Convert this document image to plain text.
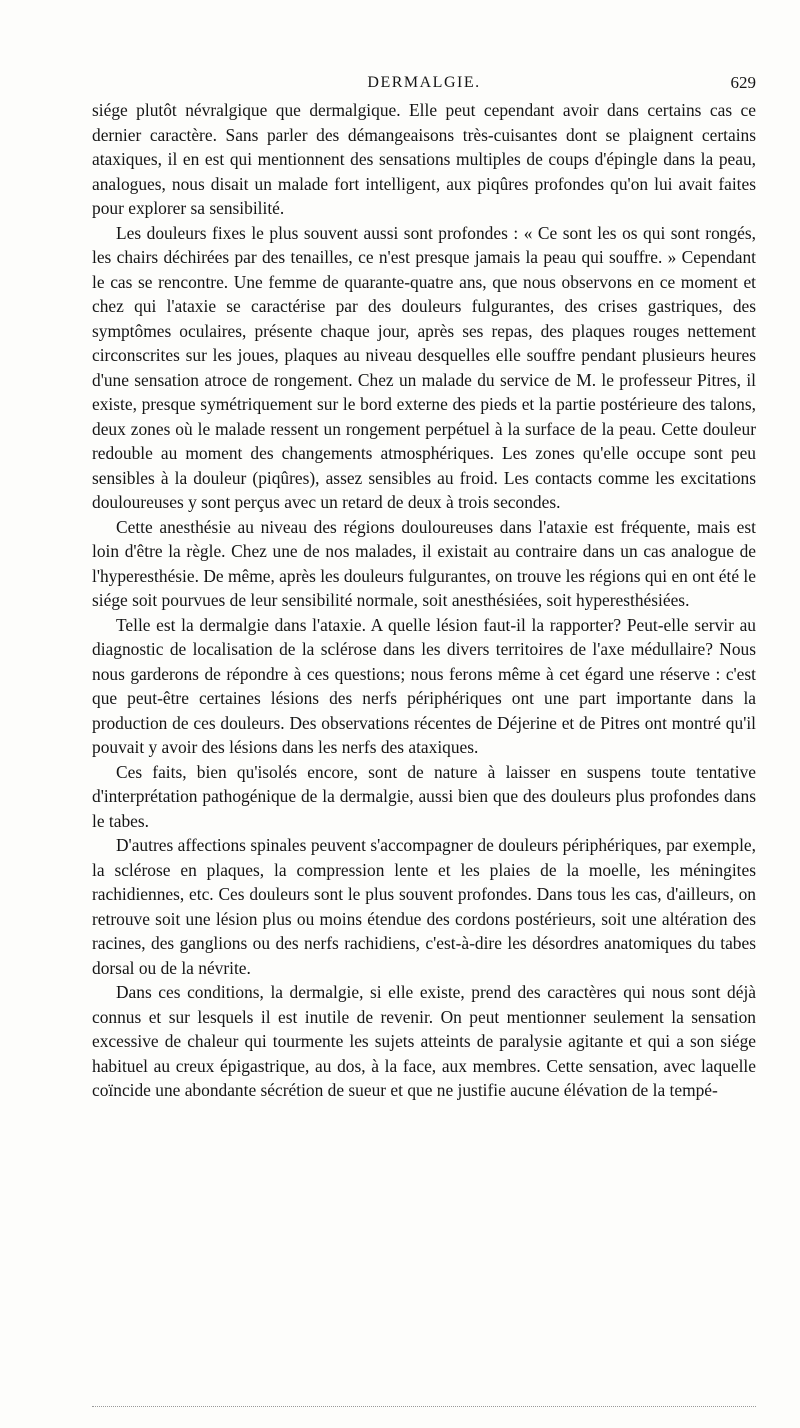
DERMALGIE.	629

siége plutôt névralgique que dermalgique. Elle peut cependant avoir dans certains cas ce dernier caractère. Sans parler des démangeaisons très-cuisantes dont se plaignent certains ataxiques, il en est qui mentionnent des sensations multiples de coups d'épingle dans la peau, analogues, nous disait un malade fort intelligent, aux piqûres profondes qu'on lui avait faites pour explorer sa sensibilité.

Les douleurs fixes le plus souvent aussi sont profondes : « Ce sont les os qui sont rongés, les chairs déchirées par des tenailles, ce n'est presque jamais la peau qui souffre. » Cependant le cas se rencontre. Une femme de quarante-quatre ans, que nous observons en ce moment et chez qui l'ataxie se caractérise par des douleurs fulgurantes, des crises gastriques, des symptômes oculaires, présente chaque jour, après ses repas, des plaques rouges nettement circonscrites sur les joues, plaques au niveau desquelles elle souffre pendant plusieurs heures d'une sensation atroce de rongement. Chez un malade du service de M. le professeur Pitres, il existe, presque symétriquement sur le bord externe des pieds et la partie postérieure des talons, deux zones où le malade ressent un rongement perpétuel à la surface de la peau. Cette douleur redouble au moment des changements atmosphériques. Les zones qu'elle occupe sont peu sensibles à la douleur (piqûres), assez sensibles au froid. Les contacts comme les excitations douloureuses y sont perçus avec un retard de deux à trois secondes.

Cette anesthésie au niveau des régions douloureuses dans l'ataxie est fréquente, mais est loin d'être la règle. Chez une de nos malades, il existait au contraire dans un cas analogue de l'hyperesthésie. De même, après les douleurs fulgurantes, on trouve les régions qui en ont été le siége soit pourvues de leur sensibilité normale, soit anesthésiées, soit hyperesthésiées.

Telle est la dermalgie dans l'ataxie. A quelle lésion faut-il la rapporter? Peut-elle servir au diagnostic de localisation de la sclérose dans les divers territoires de l'axe médullaire? Nous nous garderons de répondre à ces questions; nous ferons même à cet égard une réserve : c'est que peut-être certaines lésions des nerfs périphériques ont une part importante dans la production de ces douleurs. Des observations récentes de Déjerine et de Pitres ont montré qu'il pouvait y avoir des lésions dans les nerfs des ataxiques.

Ces faits, bien qu'isolés encore, sont de nature à laisser en suspens toute tentative d'interprétation pathogénique de la dermalgie, aussi bien que des douleurs plus profondes dans le tabes.

D'autres affections spinales peuvent s'accompagner de douleurs périphériques, par exemple, la sclérose en plaques, la compression lente et les plaies de la moelle, les méningites rachidiennes, etc. Ces douleurs sont le plus souvent profondes. Dans tous les cas, d'ailleurs, on retrouve soit une lésion plus ou moins étendue des cordons postérieurs, soit une altération des racines, des ganglions ou des nerfs rachidiens, c'est-à-dire les désordres anatomiques du tabes dorsal ou de la névrite.

Dans ces conditions, la dermalgie, si elle existe, prend des caractères qui nous sont déjà connus et sur lesquels il est inutile de revenir. On peut mentionner seulement la sensation excessive de chaleur qui tourmente les sujets atteints de paralysie agitante et qui a son siége habituel au creux épigastrique, au dos, à la face, aux membres. Cette sensation, avec laquelle coïncide une abondante sécrétion de sueur et que ne justifie aucune élévation de la tempé-
